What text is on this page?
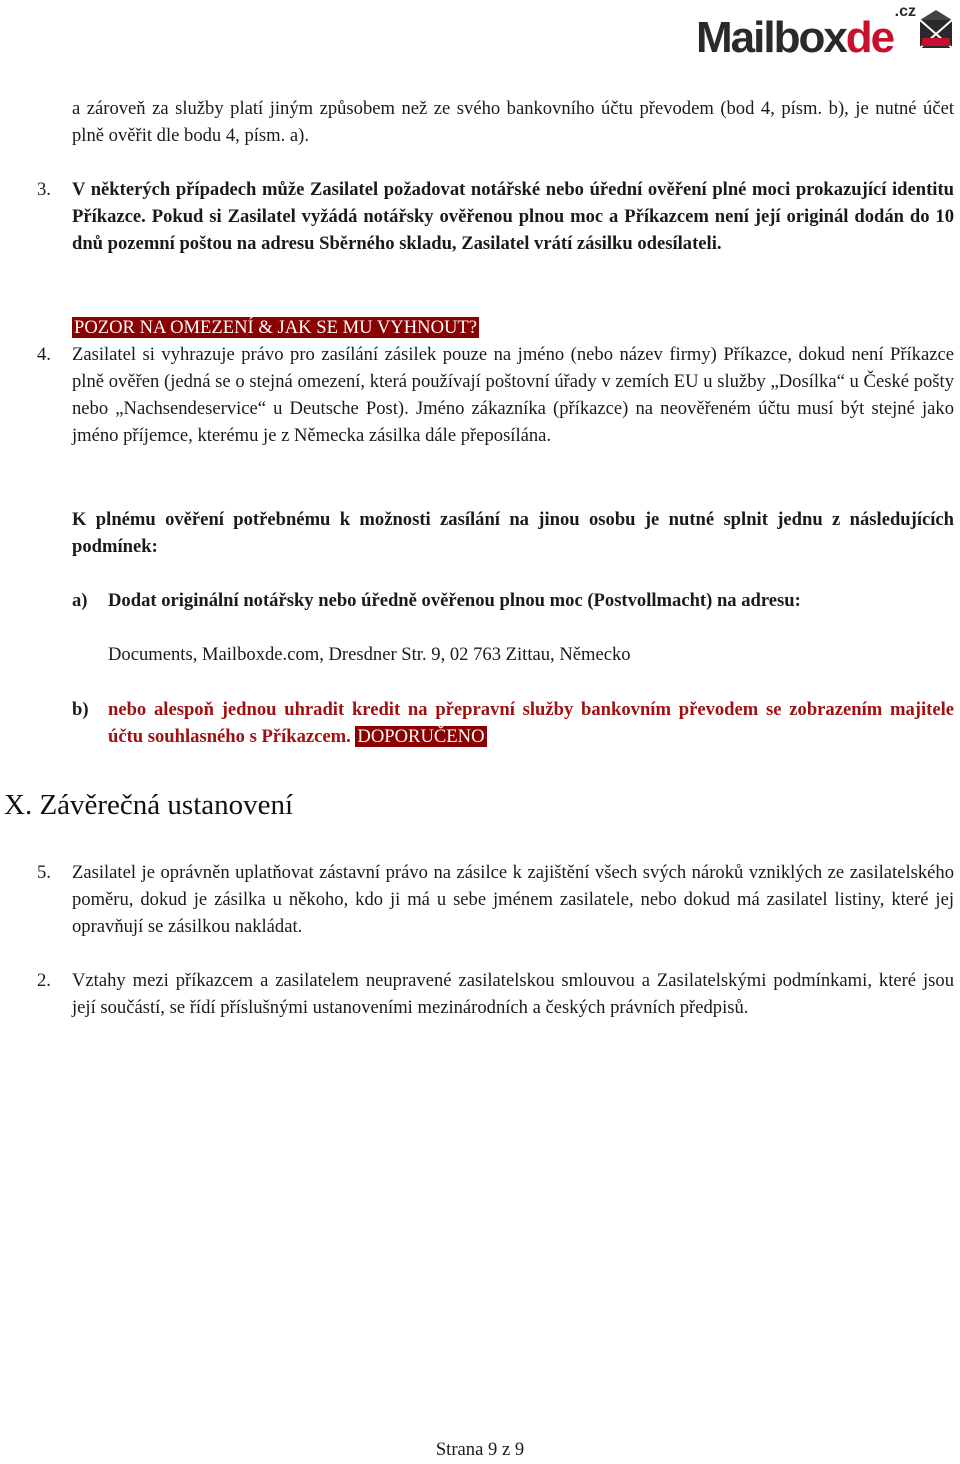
Mailboxde
.cz
a zároveň za služby platí jiným způsobem než ze svého bankovního účtu převodem (bod 4, písm. b), je nutné účet plně ověřit dle bodu 4, písm. a).
3.	V některých případech může Zasilatel požadovat notářské nebo úřední ověření plné moci prokazující identitu Příkazce. Pokud si Zasilatel vyžádá notářsky ověřenou plnou moc a Příkazcem není její originál dodán do 10 dnů pozemní poštou na adresu Sběrného skladu, Zasilatel vrátí zásilku odesílateli.
POZOR NA OMEZENÍ & JAK SE MU VYHNOUT?
4.	Zasilatel si vyhrazuje právo pro zasílání zásilek pouze na jméno (nebo název firmy) Příkazce, dokud není Příkazce plně ověřen (jedná se o stejná omezení, která používají poštovní úřady v zemích EU u služby „Dosílka“ u České pošty nebo „Nachsendeservice“ u Deutsche Post). Jméno zákazníka (příkazce) na neověřeném účtu musí být stejné jako jméno příjemce, kterému je z Německa zásilka dále přeposílána.
K plnému ověření potřebnému k možnosti zasílání na jinou osobu je nutné splnit jednu z následujících podmínek:
a) Dodat originální notářsky nebo úředně ověřenou plnou moc (Postvollmacht) na adresu:
Documents, Mailboxde.com, Dresdner Str. 9, 02 763 Zittau, Německo
b) nebo alespoň jednou uhradit kredit na přepravní služby bankovním převodem se zobrazením majitele účtu souhlasného s Příkazcem. DOPORUČENO
X. Závěrečná ustanovení
5.	Zasilatel je oprávněn uplatňovat zástavní právo na zásilce k zajištění všech svých nároků vzniklých ze zasilatelského poměru, dokud je zásilka u někoho, kdo ji má u sebe jménem zasilatele, nebo dokud má zasilatel listiny, které jej opravňují se zásilkou nakládat.
2.	Vztahy mezi příkazcem a zasilatelem neupravené zasilatelskou smlouvou a Zasilatelskými podmínkami, které jsou její součástí, se řídí příslušnými ustanoveními mezinárodních a českých právních předpisů.
Strana 9 z 9
